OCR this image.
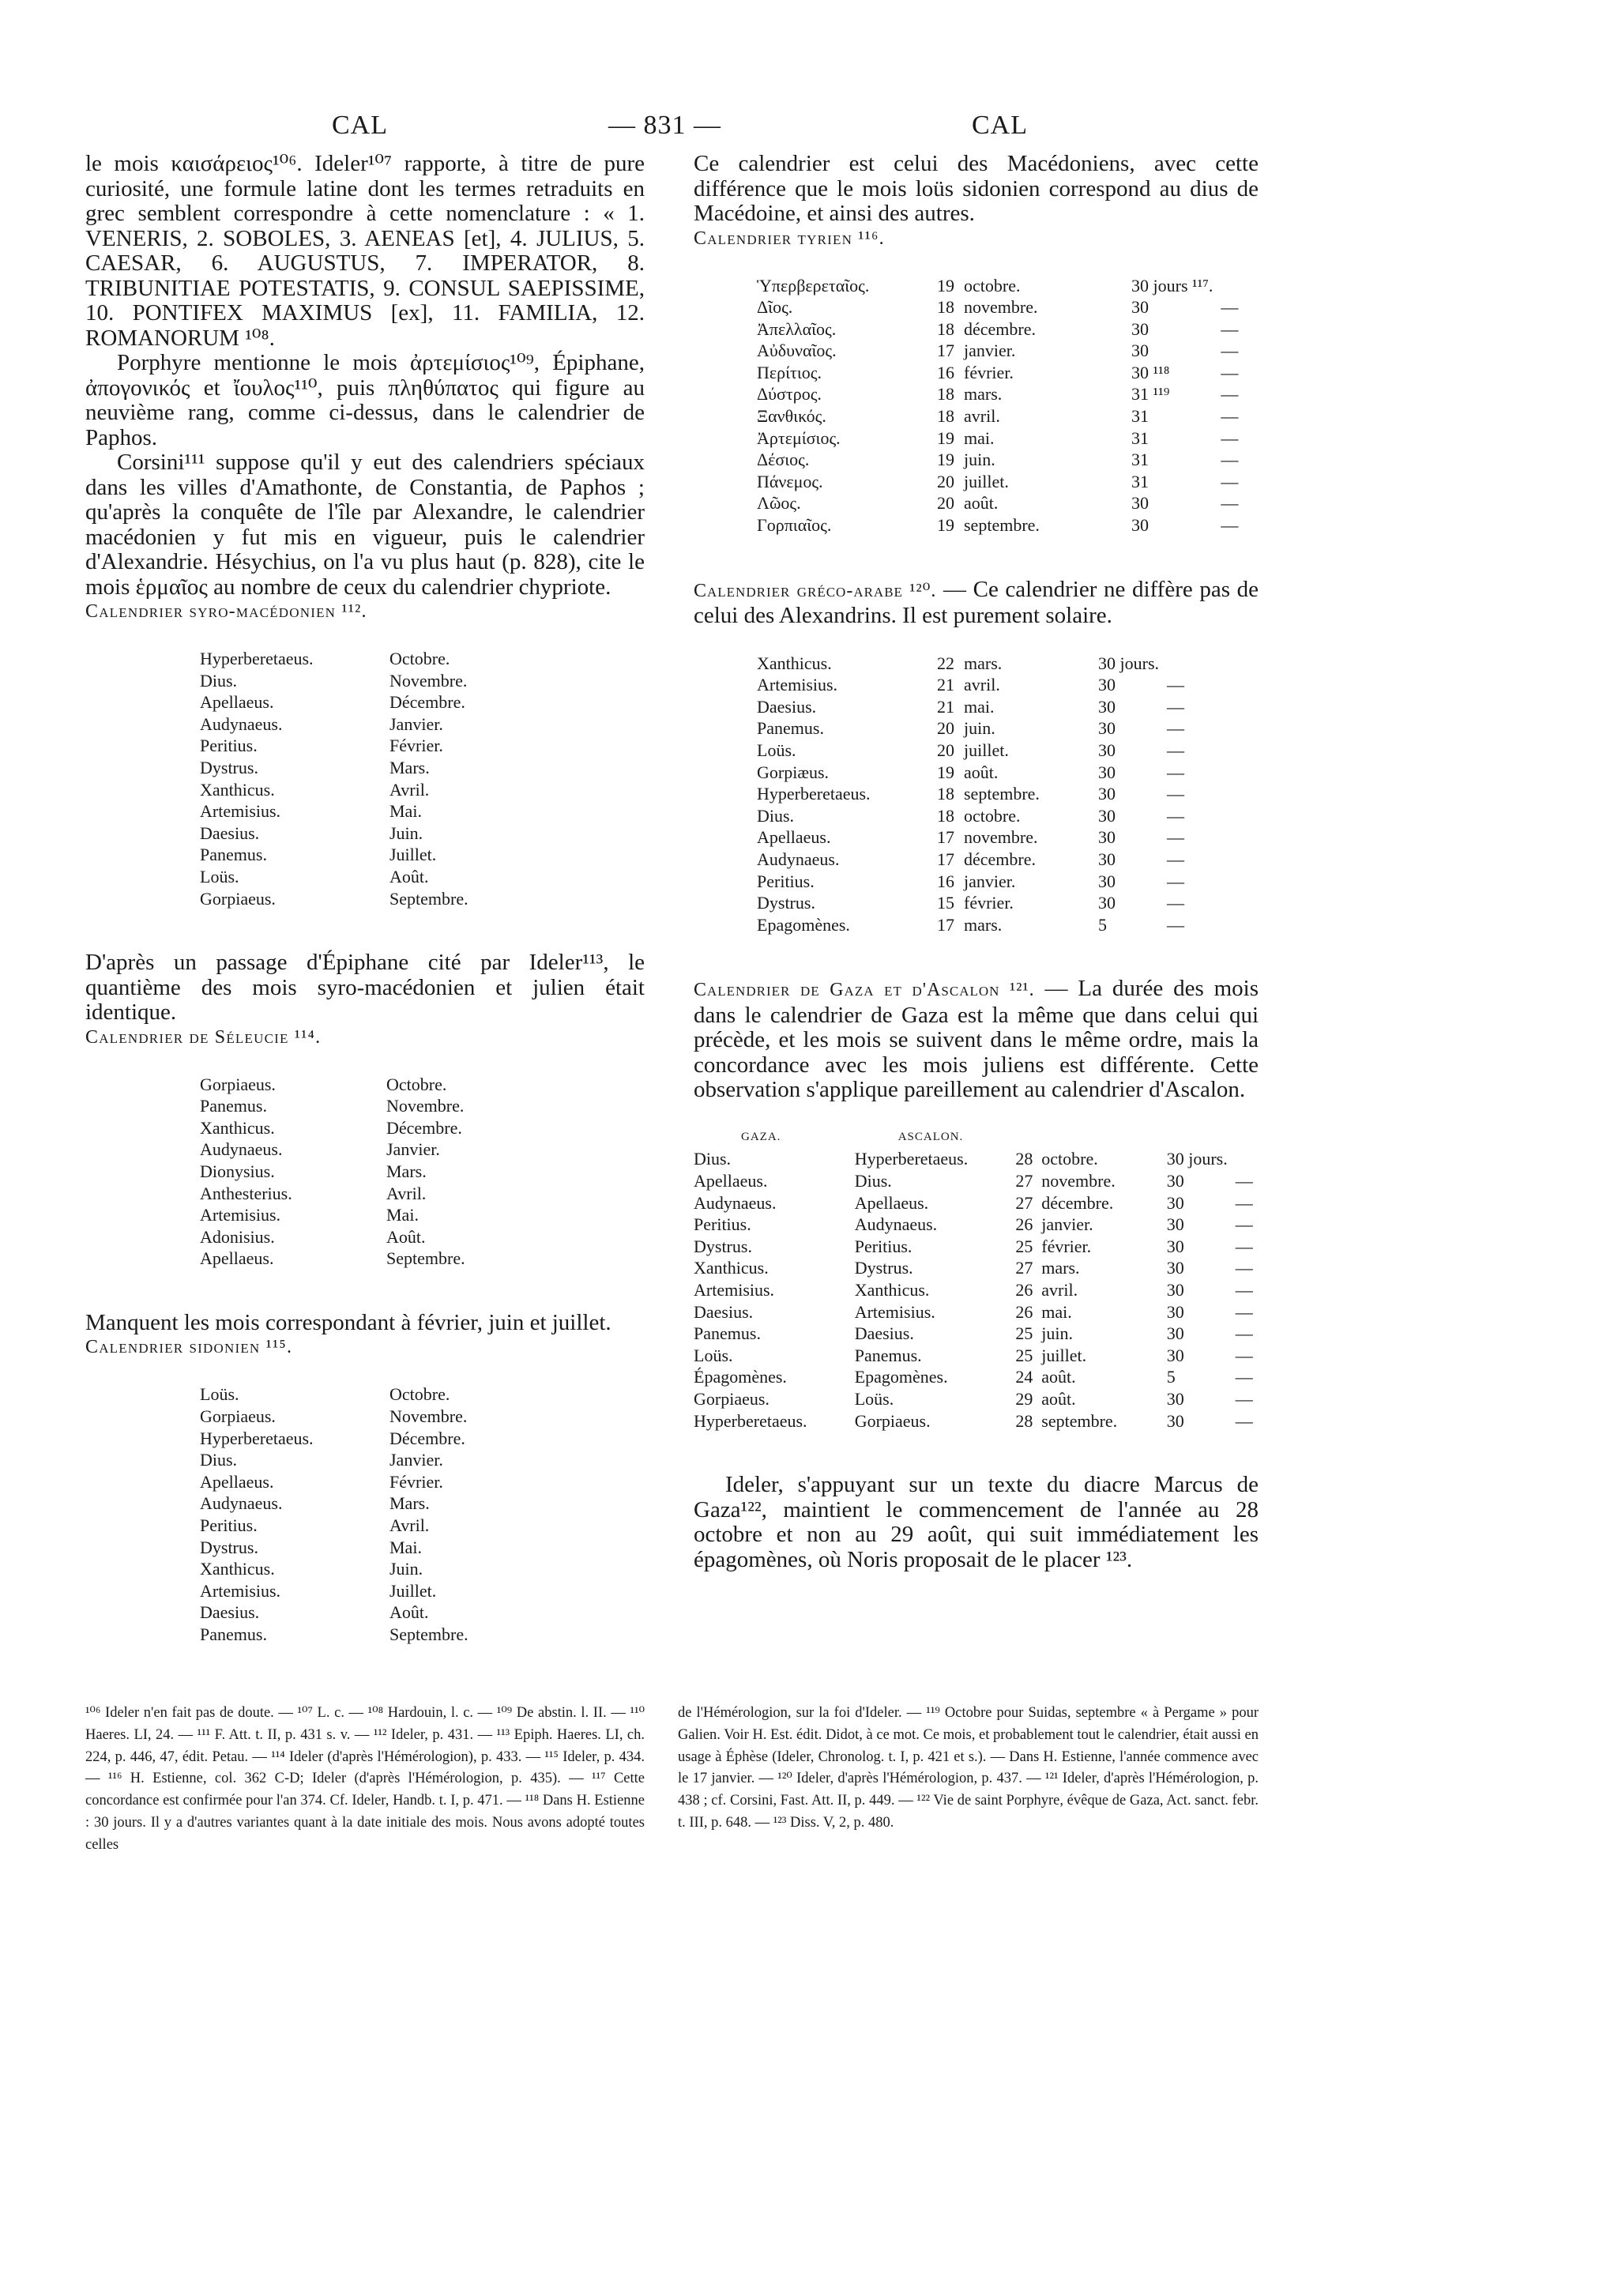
CAL	— 831 —	CAL

le mois καισάρειος¹⁰⁶. Ideler¹⁰⁷ rapporte, à titre de pure curiosité, une formule latine dont les termes retraduits en grec semblent correspondre à cette nomenclature : « 1. VENERIS, 2. SOBOLES, 3. AENEAS [et], 4. JULIUS, 5. CAESAR, 6. AUGUSTUS, 7. IMPERATOR, 8. TRIBUNITIAE POTESTATIS, 9. CONSUL SAEPISSIME, 10. PONTIFEX MAXIMUS [ex], 11. FAMILIA, 12. ROMANORUM ¹⁰⁸.

Porphyre mentionne le mois ἀρτεμίσιος¹⁰⁹, Épiphane, ἀπογονικός et ἴουλος¹¹⁰, puis πληθύπατος qui figure au neuvième rang, comme ci-dessus, dans le calendrier de Paphos.

Corsini¹¹¹ suppose qu'il y eut des calendriers spéciaux dans les villes d'Amathonte, de Constantia, de Paphos ; qu'après la conquête de l'île par Alexandre, le calendrier macédonien y fut mis en vigueur, puis le calendrier d'Alexandrie. Hésychius, on l'a vu plus haut (p. 828), cite le mois ἑρμαῖος au nombre de ceux du calendrier chypriote.

Calendrier syro-macédonien ¹¹².

Hyperberetaeus.	Octobre.
Dius.	Novembre.
Apellaeus.	Décembre.
Audynaeus.	Janvier.
Peritius.	Février.
Dystrus.	Mars.
Xanthicus.	Avril.
Artemisius.	Mai.
Daesius.	Juin.
Panemus.	Juillet.
Loüs.	Août.
Gorpiaeus.	Septembre.

D'après un passage d'Épiphane cité par Ideler¹¹³, le quantième des mois syro-macédonien et julien était identique.

Calendrier de Séleucie ¹¹⁴.

Gorpiaeus.	Octobre.
Panemus.	Novembre.
Xanthicus.	Décembre.
Audynaeus.	Janvier.
Dionysius.	Mars.
Anthesterius.	Avril.
Artemisius.	Mai.
Adonisius.	Août.
Apellaeus.	Septembre.

Manquent les mois correspondant à février, juin et juillet.

Calendrier sidonien ¹¹⁵.

Loüs.	Octobre.
Gorpiaeus.	Novembre.
Hyperberetaeus.	Décembre.
Dius.	Janvier.
Apellaeus.	Février.
Audynaeus.	Mars.
Peritius.	Avril.
Dystrus.	Mai.
Xanthicus.	Juin.
Artemisius.	Juillet.
Daesius.	Août.
Panemus.	Septembre.

Ce calendrier est celui des Macédoniens, avec cette différence que le mois loüs sidonien correspond au dius de Macédoine, et ainsi des autres.

Calendrier tyrien ¹¹⁶.

Ὑπερβερεταῖος.	19	octobre.	30 jours ¹¹⁷.	
Δῖος.	18	novembre.	30	—
Ἀπελλαῖος.	18	décembre.	30	—
Αὐδυναῖος.	17	janvier.	30	—
Περίτιος.	16	février.	30 ¹¹⁸	—
Δύστρος.	18	mars.	31 ¹¹⁹	—
Ξανθικός.	18	avril.	31	—
Ἀρτεμίσιος.	19	mai.	31	—
Δέσιος.	19	juin.	31	—
Πάνεμος.	20	juillet.	31	—
Λῶος.	20	août.	30	—
Γορπιαῖος.	19	septembre.	30	—

Calendrier gréco-arabe ¹²⁰. — Ce calendrier ne diffère pas de celui des Alexandrins. Il est purement solaire.

Xanthicus.	22	mars.	30 jours.	
Artemisius.	21	avril.	30	—
Daesius.	21	mai.	30	—
Panemus.	20	juin.	30	—
Loüs.	20	juillet.	30	—
Gorpiæus.	19	août.	30	—
Hyperberetaeus.	18	septembre.	30	—
Dius.	18	octobre.	30	—
Apellaeus.	17	novembre.	30	—
Audynaeus.	17	décembre.	30	—
Peritius.	16	janvier.	30	—
Dystrus.	15	février.	30	—
Epagomènes.	17	mars.	5	—

Calendrier de Gaza et d'Ascalon ¹²¹. — La durée des mois dans le calendrier de Gaza est la même que dans celui qui précède, et les mois se suivent dans le même ordre, mais la concordance avec les mois juliens est différente. Cette observation s'applique pareillement au calendrier d'Ascalon.

GAZA.	ASCALON.				
Dius.	Hyperberetaeus.	28	octobre.	30 jours.	
Apellaeus.	Dius.	27	novembre.	30	—
Audynaeus.	Apellaeus.	27	décembre.	30	—
Peritius.	Audynaeus.	26	janvier.	30	—
Dystrus.	Peritius.	25	février.	30	—
Xanthicus.	Dystrus.	27	mars.	30	—
Artemisius.	Xanthicus.	26	avril.	30	—
Daesius.	Artemisius.	26	mai.	30	—
Panemus.	Daesius.	25	juin.	30	—
Loüs.	Panemus.	25	juillet.	30	—
Épagomènes.	Epagomènes.	24	août.	5	—
Gorpiaeus.	Loüs.	29	août.	30	—
Hyperberetaeus.	Gorpiaeus.	28	septembre.	30	—

Ideler, s'appuyant sur un texte du diacre Marcus de Gaza¹²², maintient le commencement de l'année au 28 octobre et non au 29 août, qui suit immédiatement les épagomènes, où Noris proposait de le placer ¹²³.

¹⁰⁶ Ideler n'en fait pas de doute. — ¹⁰⁷ L. c. — ¹⁰⁸ Hardouin, l. c. — ¹⁰⁹ De abstin. l. II. — ¹¹⁰ Haeres. LI, 24. — ¹¹¹ F. Att. t. II, p. 431 s. v. — ¹¹² Ideler, p. 431. — ¹¹³ Epiph. Haeres. LI, ch. 224, p. 446, 47, édit. Petau. — ¹¹⁴ Ideler (d'après l'Hémérologion), p. 433. — ¹¹⁵ Ideler, p. 434. — ¹¹⁶ H. Estienne, col. 362 C-D; Ideler (d'après l'Hémérologion, p. 435). — ¹¹⁷ Cette concordance est confirmée pour l'an 374. Cf. Ideler, Handb. t. I, p. 471. — ¹¹⁸ Dans H. Estienne : 30 jours. Il y a d'autres variantes quant à la date initiale des mois. Nous avons adopté toutes celles

de l'Hémérologion, sur la foi d'Ideler. — ¹¹⁹ Octobre pour Suidas, septembre « à Pergame » pour Galien. Voir H. Est. édit. Didot, à ce mot. Ce mois, et probablement tout le calendrier, était aussi en usage à Éphèse (Ideler, Chronolog. t. I, p. 421 et s.). — Dans H. Estienne, l'année commence avec le 17 janvier. — ¹²⁰ Ideler, d'après l'Hémérologion, p. 437. — ¹²¹ Ideler, d'après l'Hémérologion, p. 438 ; cf. Corsini, Fast. Att. II, p. 449. — ¹²² Vie de saint Porphyre, évêque de Gaza, Act. sanct. febr. t. III, p. 648. — ¹²³ Diss. V, 2, p. 480.
